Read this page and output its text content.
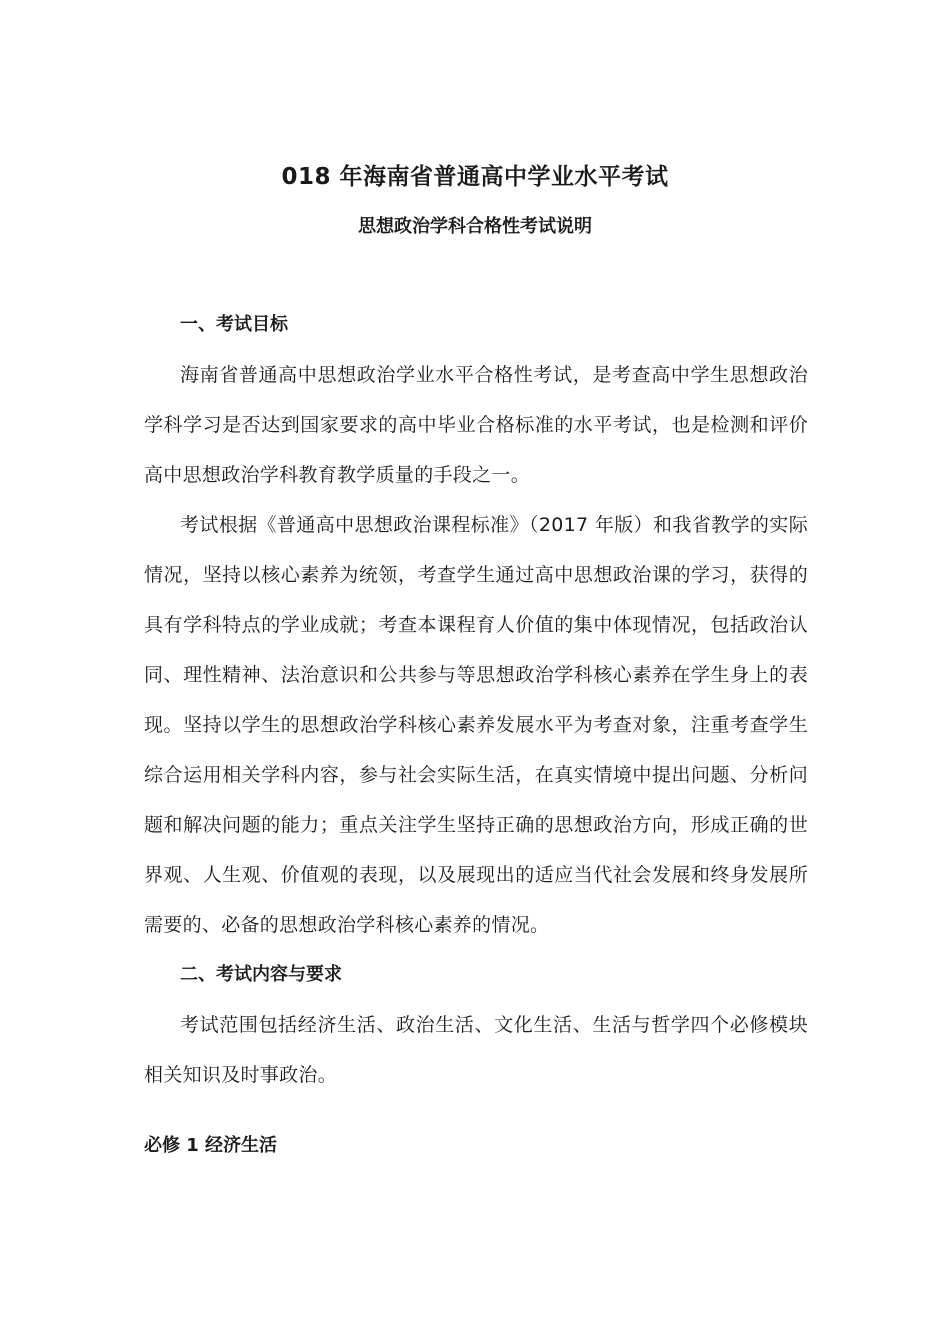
018 年海南省普通高中学业水平考试
思想政治学科合格性考试说明
一、考试目标

海南省普通高中思想政治学业水平合格性考试，是考查高中学生思想政治学科学习是否达到国家要求的高中毕业合格标准的水平考试，也是检测和评价高中思想政治学科教育教学质量的手段之一。

考试根据《普通高中思想政治课程标准》（2017 年版）和我省教学的实际情况，坚持以核心素养为统领，考查学生通过高中思想政治课的学习，获得的具有学科特点的学业成就；考查本课程育人价值的集中体现情况，包括政治认同、理性精神、法治意识和公共参与等思想政治学科核心素养在学生身上的表现。坚持以学生的思想政治学科核心素养发展水平为考查对象，注重考查学生综合运用相关学科内容，参与社会实际生活，在真实情境中提出问题、分析问题和解决问题的能力；重点关注学生坚持正确的思想政治方向，形成正确的世界观、人生观、价值观的表现，以及展现出的适应当代社会发展和终身发展所需要的、必备的思想政治学科核心素养的情况。

二、考试内容与要求

考试范围包括经济生活、政治生活、文化生活、生活与哲学四个必修模块相关知识及时事政治。

必修 1 经济生活
